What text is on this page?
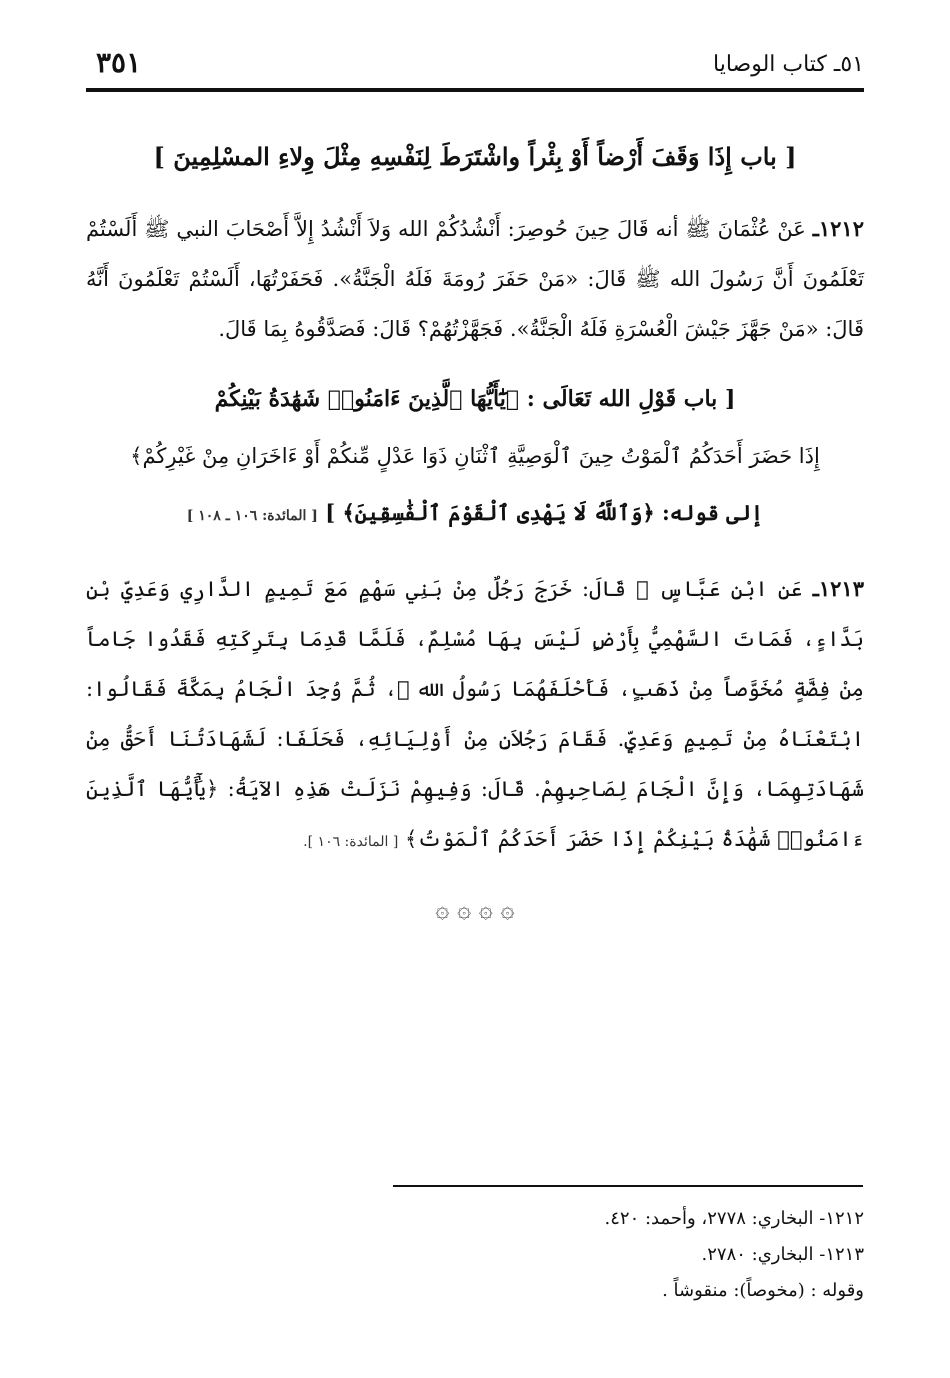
٥١ـ كتاب الوصايا
٣٥١
[ باب إِذَا وَقَفَ أَرْضاً أَوْ بِئْراً واشْتَرَطَ لِنَفْسِهِ مِثْلَ وِلاءِ المسْلِمِينَ ]
١٢١٢ـ عَنْ عُثْمَانَ ﷺ أنه قَالَ حِينَ حُوصِرَ: أَنْشُدُكُمْ الله وَلاَ أَنْشُدُ إِلاَّ أَصْحَابَ النبي ﷺ أَلَسْتُمْ تَعْلَمُونَ أَنَّ رَسُولَ الله ﷺ قَالَ: «مَنْ حَفَرَ رُومَةَ فَلَهُ الْجَنَّةُ». فَحَفَرْتُهَا، أَلَسْتُمْ تَعْلَمُونَ أَنَّهُ قَالَ: «مَنْ جَهَّزَ جَيْشَ الْعُسْرَةِ فَلَهُ الْجَنَّةُ». فَجَهَّزْتُهُمْ؟ قَالَ: فَصَدَّقُوهُ بِمَا قَالَ.
[ باب قَوْلِ الله تَعَالَى : ﴿يَٰٓأَيُّهَا ٱلَّذِينَ ءَامَنُوا۟ شَهَٰدَةُ بَيْنِكُمْ
إِذَا حَضَرَ أَحَدَكُمُ ٱلْمَوْتُ حِينَ ٱلْوَصِيَّةِ ٱثْنَانِ ذَوَا عَدْلٍ مِّنكُمْ أَوْ ءَاخَرَانِ مِنْ غَيْرِكُمْ﴾
إلى قوله: ﴿وَٱللَّهُ لَا يَهْدِى ٱلْقَوْمَ ٱلْفَٰسِقِينَ﴾ ] [ المائدة: ١٠٦ ـ ١٠٨ ]
١٢١٣ـ عَنِ ابْنِ عَبَّاسٍ ﷺ قَالَ: خَرَجَ رَجُلٌ مِنْ بَنِي سَهْمٍ مَعَ تَمِيمٍ الدَّارِي وَعَدِيِّ بْنِ بَدَّاءٍ، فَمَاتَ السَّهْمِيُّ بِأَرْضٍ لَيْسَ بِهَا مُسْلِمٌ، فَلَمَّا قَدِمَا بِتَرِكَتِهِ فَقَدُوا جَاماً مِنْ فِضَّةٍ مُخَوَّصاً مِنْ ذَهَبٍ، فَأَحْلَفَهُمَا رَسُولُ الله ﷺ، ثُمَّ وُجِدَ الْجَامُ بِمَكَّةَ فَقَالُوا: ابْتَعْنَاهُ مِنْ تَمِيمٍ وَعَدِيٍّ. فَقَامَ رَجُلاَنِ مِنْ أَوْلِيَائِهِ، فَحَلَفَا: لَشَهَادَتُنَا أَحَقُّ مِنْ شَهَادَتِهِمَا، وَإِنَّ الْجَامَ لِصَاحِبِهِمْ. قَالَ: وَفِيهِمْ نَزَلَتْ هَذِهِ الآيَةُ: ﴿يَٰٓأَيُّهَا ٱلَّذِينَ ءَامَنُوا۟ شَهَٰدَةُ بَيْنِكُمْ إِذَا حَضَرَ أَحَدَكُمُ ٱلْمَوْتُ﴾ [ المائدة: ١٠٦ ].
۞ ۞ ۞ ۞
١٢١٢- البخاري: ٢٧٧٨، وأحمد: ٤٢٠.
١٢١٣- البخاري: ٢٧٨٠.
وقوله : (مخوصاً): منقوشاً .
